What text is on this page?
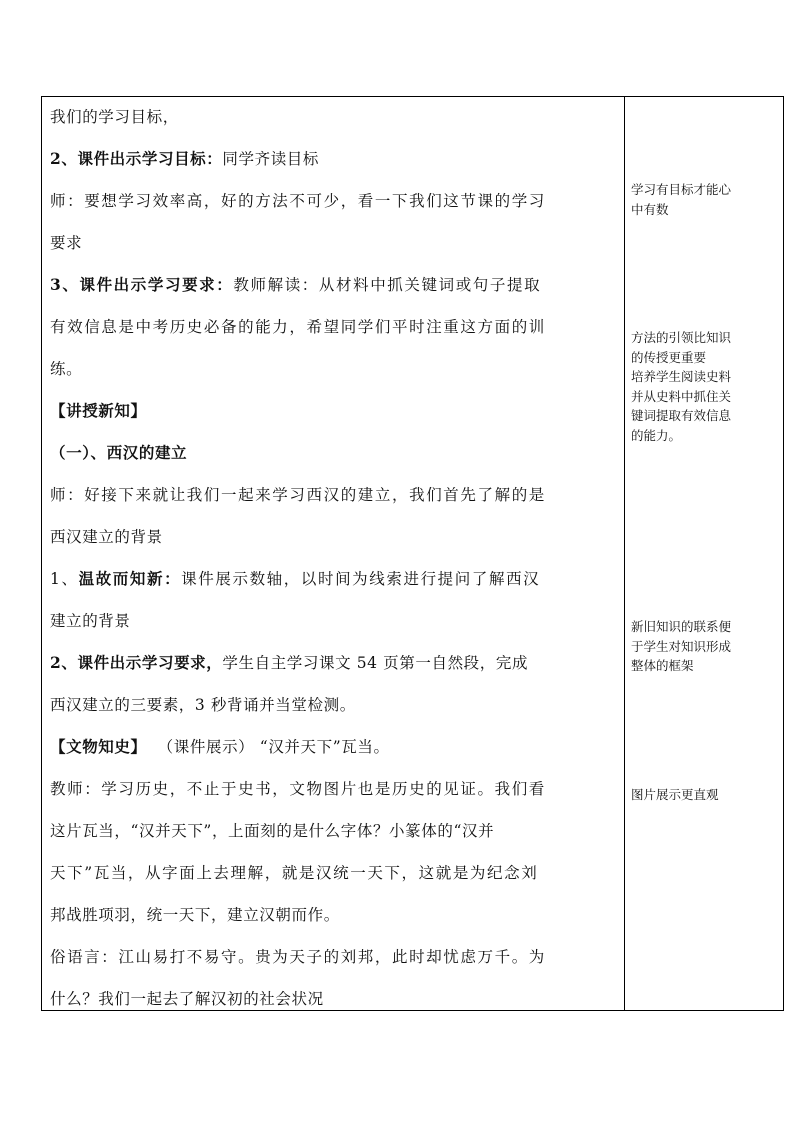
我们的学习目标，
2、课件出示学习目标：同学齐读目标
师：要想学习效率高，好的方法不可少，看一下我们这节课的学习
要求
3、课件出示学习要求：教师解读：从材料中抓关键词或句子提取
有效信息是中考历史必备的能力，希望同学们平时注重这方面的训
练。
【讲授新知】
（一）、西汉的建立
师：好接下来就让我们一起来学习西汉的建立，我们首先了解的是
西汉建立的背景
1、温故而知新：课件展示数轴，以时间为线索进行提问了解西汉
建立的背景
2、课件出示学习要求，学生自主学习课文 54 页第一自然段，完成
西汉建立的三要素，3 秒背诵并当堂检测。
【文物知史】 （课件展示） “汉并天下”瓦当。
教师：学习历史，不止于史书，文物图片也是历史的见证。我们看
这片瓦当，“汉并天下”，上面刻的是什么字体？小篆体的“汉并
天下”瓦当，从字面上去理解，就是汉统一天下，这就是为纪念刘
邦战胜项羽，统一天下，建立汉朝而作。
俗语言：江山易打不易守。贵为天子的刘邦，此时却忧虑万千。为
什么？我们一起去了解汉初的社会状况
学习有目标才能心
中有数
方法的引领比知识
的传授更重要
培养学生阅读史料
并从史料中抓住关
键词提取有效信息
的能力。
新旧知识的联系便
于学生对知识形成
整体的框架
图片展示更直观
